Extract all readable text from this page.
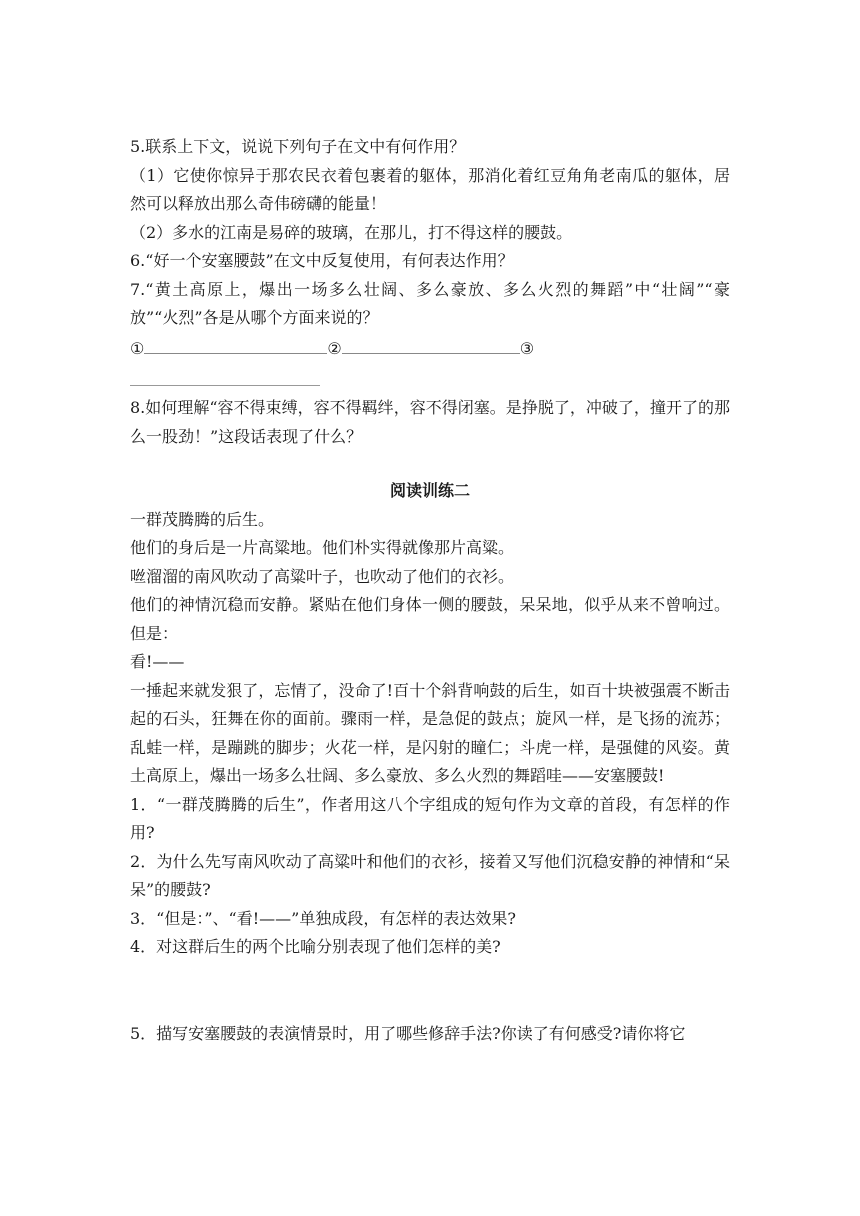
5.联系上下文，说说下列句子在文中有何作用？

（1）它使你惊异于那农民衣着包裹着的躯体，那消化着红豆角角老南瓜的躯体，居然可以释放出那么奇伟磅礴的能量！

（2）多水的江南是易碎的玻璃，在那儿，打不得这样的腰鼓。

6.“好一个安塞腰鼓”在文中反复使用，有何表达作用？

7.“黄土高原上，爆出一场多么壮阔、多么豪放、多么火烈的舞蹈”中“壮阔”“豪放”“火烈”各是从哪个方面来说的？

①	②	③

8.如何理解“容不得束缚，容不得羁绊，容不得闭塞。是挣脱了，冲破了，撞开了的那么一股劲！”这段话表现了什么？

阅读训练二

一群茂腾腾的后生。

他们的身后是一片高粱地。他们朴实得就像那片高粱。

咝溜溜的南风吹动了高粱叶子，也吹动了他们的衣衫。

他们的神情沉稳而安静。紧贴在他们身体一侧的腰鼓，呆呆地，似乎从来不曾响过。但是：

看!——

一捶起来就发狠了，忘情了，没命了!百十个斜背响鼓的后生，如百十块被强震不断击起的石头，狂舞在你的面前。骤雨一样，是急促的鼓点；旋风一样，是飞扬的流苏；乱蛙一样，是蹦跳的脚步；火花一样，是闪射的瞳仁；斗虎一样，是强健的风姿。黄土高原上，爆出一场多么壮阔、多么豪放、多么火烈的舞蹈哇——安塞腰鼓!

1．“一群茂腾腾的后生”，作者用这八个字组成的短句作为文章的首段，有怎样的作用?

2．为什么先写南风吹动了高粱叶和他们的衣衫，接着又写他们沉稳安静的神情和“呆呆”的腰鼓?

3．“但是：”、“看!——”单独成段，有怎样的表达效果?

4．对这群后生的两个比喻分别表现了他们怎样的美?

5．描写安塞腰鼓的表演情景时，用了哪些修辞手法?你读了有何感受?请你将它
